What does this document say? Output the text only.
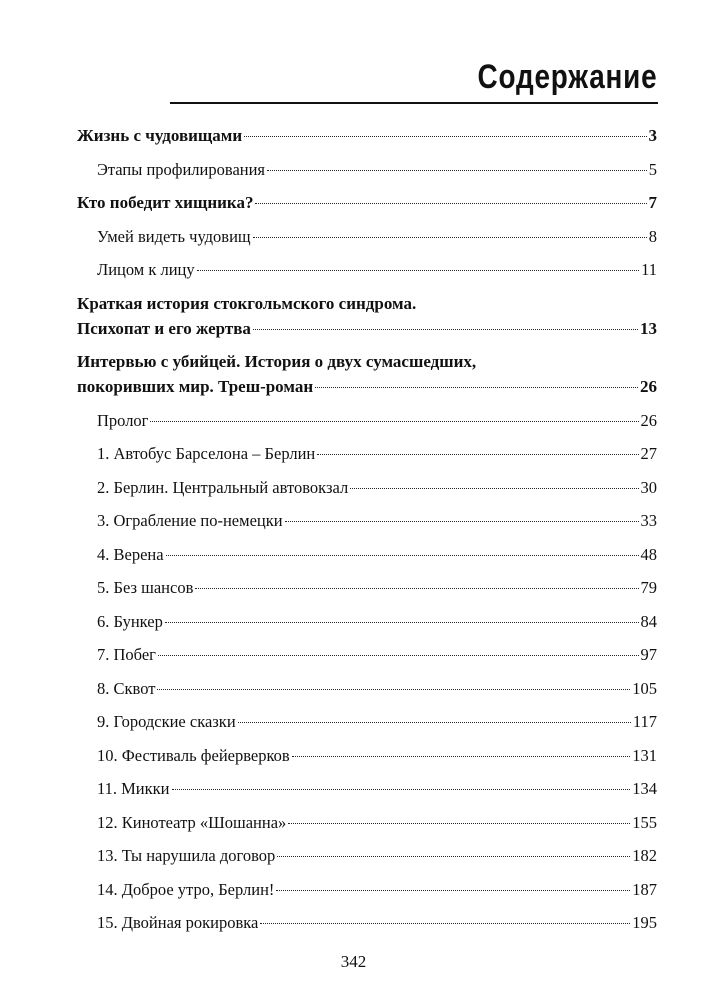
Содержание
Жизнь с чудовищами	3
Этапы профилирования	5
Кто победит хищника?	7
Умей видеть чудовищ	8
Лицом к лицу	11
Краткая история стокгольмского синдрома.
Психопат и его жертва	13
Интервью с убийцей. История о двух сумасшедших,
покоривших мир. Треш-роман	26
Пролог	26
1. Автобус Барселона – Берлин	27
2. Берлин. Центральный автовокзал	30
3. Ограбление по-немецки	33
4. Верена	48
5. Без шансов	79
6. Бункер	84
7. Побег	97
8. Сквот	105
9. Городские сказки	117
10. Фестиваль фейерверков	131
11. Микки	134
12. Кинотеатр «Шошанна»	155
13. Ты нарушила договор	182
14. Доброе утро, Берлин!	187
15. Двойная рокировка	195
342
